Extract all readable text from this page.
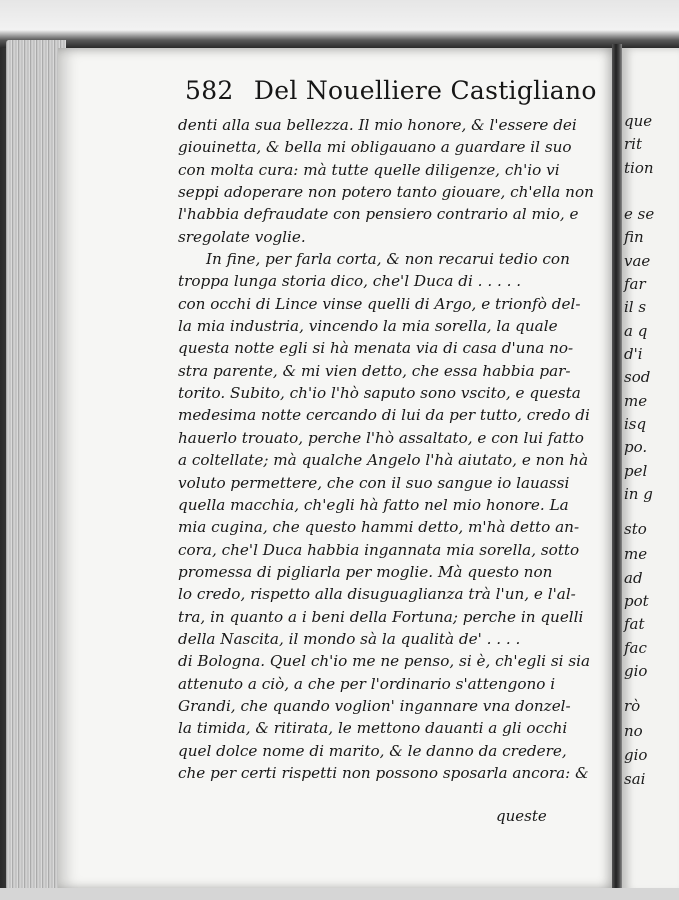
que
rit
tion
e se
fin
vae
far
il s
a q
d'i
sod
me
isq
po.
pel
in g
sto
me
ad
pot
fat
fac
gio
rò
no
gio
sai
582 Del Nouelliere Castigliano
denti alla sua bellezza. Il mio honore, & l'essere dei
giouinetta, & bella mi obligauano a guardare il suo
con molta cura: mà tutte quelle diligenze, ch'io vi
seppi adoperare non potero tanto giouare, ch'ella non
l'habbia defraudate con pensiero contrario al mio, e
sregolate voglie.
In fine, per farla corta, & non recarui tedio con
troppa lunga storia dico, che'l Duca di . . . . .
con occhi di Lince vinse quelli di Argo, e trionfò del-
la mia industria, vincendo la mia sorella, la quale
questa notte egli si hà menata via di casa d'una no-
stra parente, & mi vien detto, che essa habbia par-
torito. Subito, ch'io l'hò saputo sono vscito, e questa
medesima notte cercando di lui da per tutto, credo di
hauerlo trouato, perche l'hò assaltato, e con lui fatto
a coltellate; mà qualche Angelo l'hà aiutato, e non hà
voluto permettere, che con il suo sangue io lauassi
quella macchia, ch'egli hà fatto nel mio honore. La
mia cugina, che questo hammi detto, m'hà detto an-
cora, che'l Duca habbia ingannata mia sorella, sotto
promessa di pigliarla per moglie. Mà questo non
lo credo, rispetto alla disuguaglianza trà l'un, e l'al-
tra, in quanto a i beni della Fortuna; perche in quelli
della Nascita, il mondo sà la qualità de' . . . .
di Bologna. Quel ch'io me ne penso, si è, ch'egli si sia
attenuto a ciò, a che per l'ordinario s'attengono i
Grandi, che quando voglion' ingannare vna donzel-
la timida, & ritirata, le mettono dauanti a gli occhi
quel dolce nome di marito, & le danno da credere,
che per certi rispetti non possono sposarla ancora: &
queste
